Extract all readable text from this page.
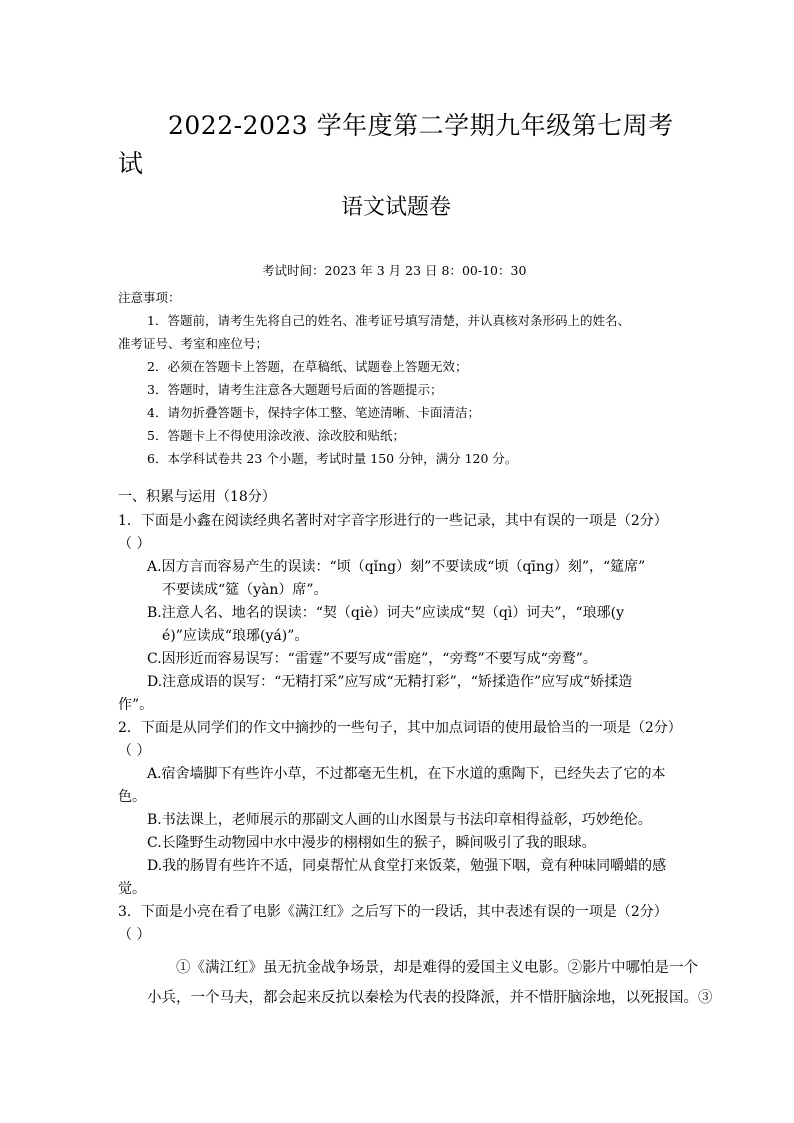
2022-2023 学年度第二学期九年级第七周考
试
语文试题卷
考试时间：2023 年 3 月 23 日 8：00-10：30
注意事项：
1．答题前，请考生先将自己的姓名、准考证号填写清楚，并认真核对条形码上的姓名、
准考证号、考室和座位号；
2．必须在答题卡上答题，在草稿纸、试题卷上答题无效；
3．答题时，请考生注意各大题题号后面的答题提示；
4．请勿折叠答题卡，保持字体工整、笔迹清晰、卡面清洁；
5．答题卡上不得使用涂改液、涂改胶和贴纸；
6．本学科试卷共 23 个小题，考试时量 150 分钟，满分 120 分。
一、积累与运用（18分）
1．下面是小鑫在阅读经典名著时对字音字形进行的一些记录，其中有误的一项是（2分）
（ ）
A.因方言而容易产生的误读：“顷（qǐng）刻”不要读成“顷（qīng）刻”，“筵席”
不要读成“筵（yàn）席”。
B.注意人名、地名的误读：“契（qiè）诃夫”应读成“契（qì）诃夫”，“琅琊(y
é)”应读成“琅琊(yá)”。
C.因形近而容易误写：“雷霆”不要写成“雷庭”，“旁骛”不要写成“旁鹜”。
D.注意成语的误写：“无精打采”应写成“无精打彩”，“矫揉造作”应写成“娇揉造
作”。
2．下面是从同学们的作文中摘抄的一些句子，其中加点词语的使用最恰当的一项是（2分）
（ ）
A.宿舍墙脚下有些许小草，不过都毫无生机，在下水道的熏陶下，已经失去了它的本
色。
B.书法课上，老师展示的那副文人画的山水图景与书法印章相得益彰，巧妙绝伦。
C.长隆野生动物园中水中漫步的栩栩如生的猴子，瞬间吸引了我的眼球。
D.我的肠胃有些许不适，同桌帮忙从食堂打来饭菜，勉强下咽，竟有种味同嚼蜡的感
觉。
3．下面是小亮在看了电影《满江红》之后写下的一段话，其中表述有误的一项是（2分）
（ ）
①《满江红》虽无抗金战争场景，却是难得的爱国主义电影。②影片中哪怕是一个
小兵，一个马夫，都会起来反抗以秦桧为代表的投降派，并不惜肝脑涂地，以死报国。③
